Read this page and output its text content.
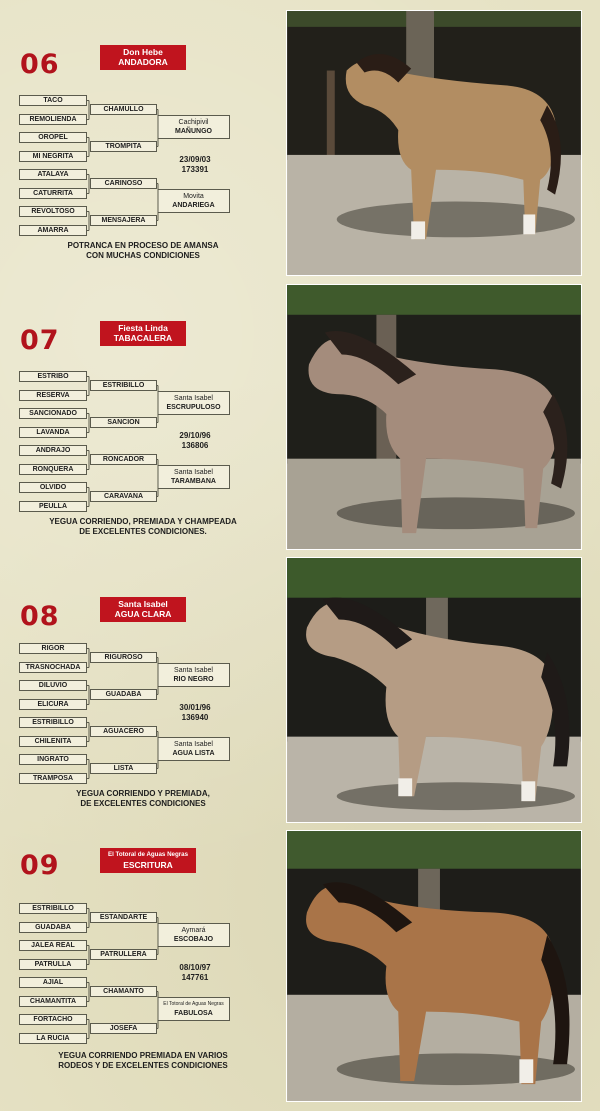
06	Don Hebe
ANDADORA
TACO
REMOLIENDA
OROPEL
MI NEGRITA
ATALAYA
CATURRITA
REVOLTOSO
AMARRA
CHAMULLO
TROMPITA
CARINOSO
MENSAJERA
Cachipivil
MAÑUNGO
Movita
ANDARIEGA
23/09/03
173391
POTRANCA EN PROCESO DE AMANSA
CON MUCHAS CONDICIONES
07	Fiesta Linda
TABACALERA
ESTRIBO
RESERVA
SANCIONADO
LAVANDA
ANDRAJO
RONQUERA
OLVIDO
PEULLA
ESTRIBILLO
SANCION
RONCADOR
CARAVANA
Santa Isabel
ESCRUPULOSO
Santa Isabel
TARAMBANA
29/10/96
136806
YEGUA CORRIENDO, PREMIADA Y CHAMPEADA
DE EXCELENTES CONDICIONES.
08	Santa Isabel
AGUA CLARA
RIGOR
TRASNOCHADA
DILUVIO
ELICURA
ESTRIBILLO
CHILENITA
INGRATO
TRAMPOSA
RIGUROSO
GUADABA
AGUACERO
LISTA
Santa Isabel
RIO NEGRO
Santa Isabel
AGUA LISTA
30/01/96
136940
YEGUA CORRIENDO Y PREMIADA,
DE EXCELENTES CONDICIONES
09	El Totoral de Aguas Negras
ESCRITURA
ESTRIBILLO
GUADABA
JALEA REAL
PATRULLA
AJIAL
CHAMANTITA
FORTACHO
LA RUCIA
ESTANDARTE
PATRULLERA
CHAMANTO
JOSEFA
Aymará
ESCOBAJO
El Totoral de Aguas Negras
FABULOSA
08/10/97
147761
YEGUA CORRIENDO PREMIADA EN VARIOS
RODEOS Y DE EXCELENTES CONDICIONES
